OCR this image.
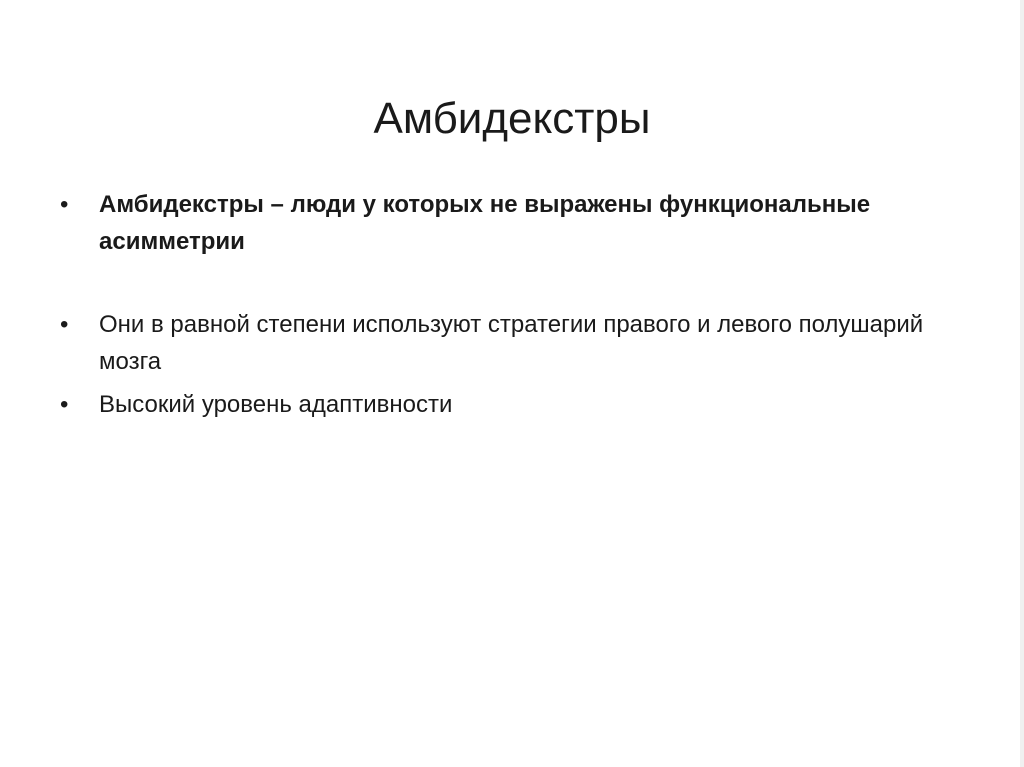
Амбидекстры
•	Амбидекстры – люди у которых не выражены функциональные асимметрии
•	Они в равной степени используют стратегии правого и левого полушарий мозга
•	Высокий уровень адаптивности
